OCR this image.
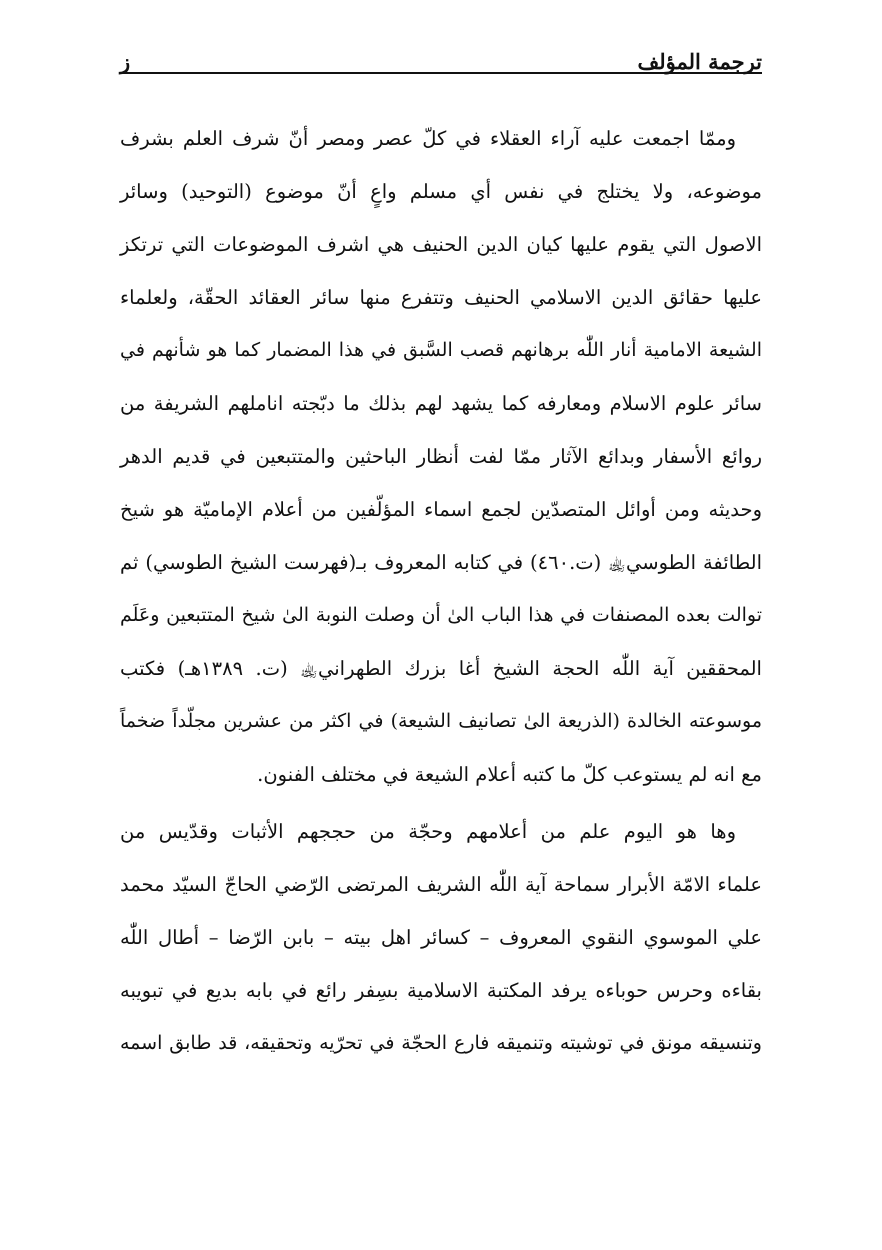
ترجمة المؤلف
ز
وممّا اجمعت عليه آراء العقلاء في كلّ عصر ومصر أنّ شرف العلم بشرف
موضوعه، ولا يختلج في نفس أي مسلم واعٍ أنّ موضوع (التوحيد) وسائر
الاصول التي يقوم عليها كيان الدين الحنيف هي اشرف الموضوعات التي ترتكز
عليها حقائق الدين الاسلامي الحنيف وتتفرع منها سائر العقائد الحقّة، ولعلماء
الشيعة الامامية أنار اللّٰه برهانهم قصب السَّبق في هذا المضمار كما هو شأنهم في
سائر علوم الاسلام ومعارفه كما يشهد لهم بذلك ما دبّجته اناملهم الشريفة من
روائع الأسفار وبدائع الآثار ممّا لفت أنظار الباحثين والمتتبعين في قديم الدهر
وحديثه ومن أوائل المتصدّين لجمع اسماء المؤلّفين من أعلام الإماميّة هو شيخ
الطائفة الطوسي﵀ (ت.٤٦٠) في كتابه المعروف بـ(فهرست الشيخ الطوسي) ثم
توالت بعده المصنفات في هذا الباب الىٰ أن وصلت النوبة الىٰ شيخ المتتبعين وعَلَم
المحققين آية اللّٰه الحجة الشيخ أغا بزرك الطهراني﵀ (ت. ١٣٨٩هـ) فكتب
موسوعته الخالدة (الذريعة الىٰ تصانيف الشيعة) في اكثر من عشرين مجلّداً ضخماً
مع انه لم يستوعب كلّ ما كتبه أعلام الشيعة في مختلف الفنون.
وها هو اليوم علم من أعلامهم وحجّة من حججهم الأثبات وقدّيس من
علماء الامّة الأبرار سماحة آية اللّٰه الشريف المرتضى الرّضي الحاجّ السيّد محمد
علي الموسوي النقوي المعروف – كسائر اهل بيته – بابن الرّضا – أطال اللّٰه
بقاءه وحرس حوباءه يرفد المكتبة الاسلامية بسِفر رائع في بابه بديع في تبويبه
وتنسيقه مونق في توشيته وتنميقه فارع الحجّة في تحرّيه وتحقيقه، قد طابق اسمه
